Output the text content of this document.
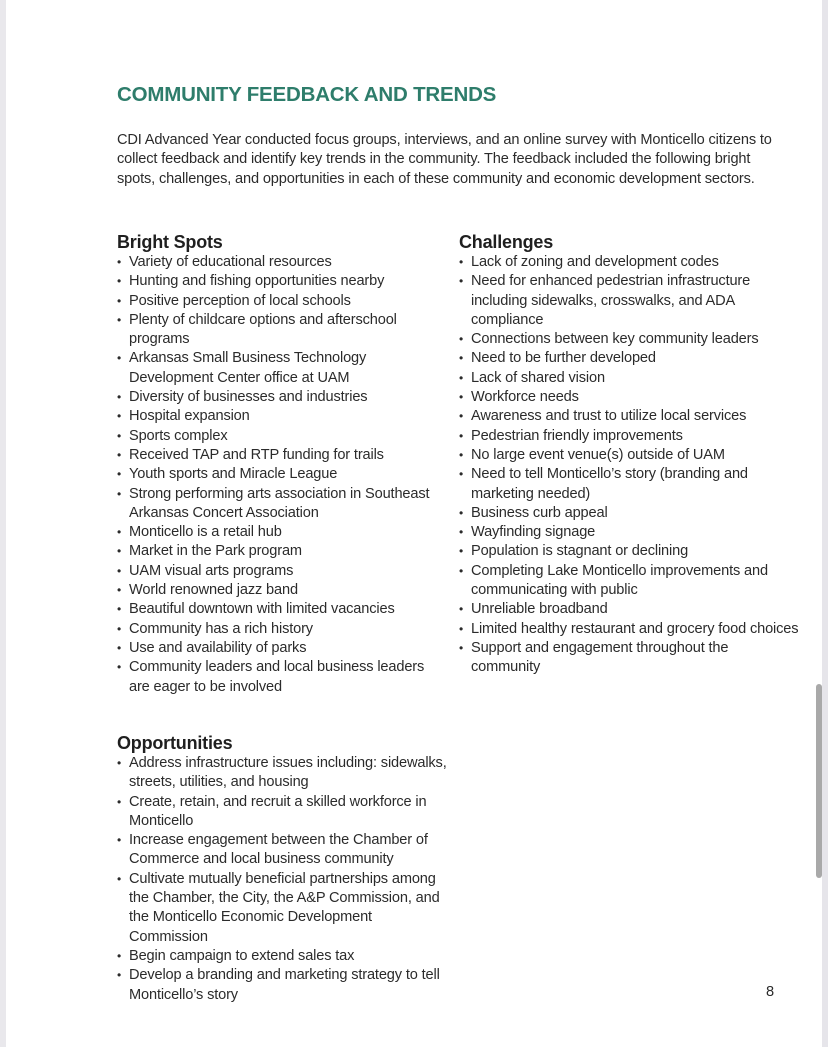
COMMUNITY FEEDBACK AND TRENDS

CDI Advanced Year conducted focus groups, interviews, and an online survey with Monticello citizens to collect feedback and identify key trends in the community. The feedback included the following bright spots, challenges, and opportunities in each of these community and economic development sectors.

Bright Spots
• Variety of educational resources
• Hunting and fishing opportunities nearby
• Positive perception of local schools
• Plenty of childcare options and afterschool programs
• Arkansas Small Business Technology Development Center office at UAM
• Diversity of businesses and industries
• Hospital expansion
• Sports complex
• Received TAP and RTP funding for trails
• Youth sports and Miracle League
• Strong performing arts association in Southeast Arkansas Concert Association
• Monticello is a retail hub
• Market in the Park program
• UAM visual arts programs
• World renowned jazz band
• Beautiful downtown with limited vacancies
• Community has a rich history
• Use and availability of parks
• Community leaders and local business leaders are eager to be involved
Challenges
• Lack of zoning and development codes
• Need for enhanced pedestrian infrastructure including sidewalks, crosswalks, and ADA compliance
• Connections between key community leaders
• Need to be further developed
• Lack of shared vision
• Workforce needs
• Awareness and trust to utilize local services
• Pedestrian friendly improvements
• No large event venue(s) outside of UAM
• Need to tell Monticello’s story (branding and marketing needed)
• Business curb appeal
• Wayfinding signage
• Population is stagnant or declining
• Completing Lake Monticello improvements and communicating with public
• Unreliable broadband
• Limited healthy restaurant and grocery food choices
• Support and engagement throughout the community
Opportunities
• Address infrastructure issues including: sidewalks, streets, utilities, and housing
• Create, retain, and recruit a skilled workforce in Monticello
• Increase engagement between the Chamber of Commerce and local business community
• Cultivate mutually beneficial partnerships among the Chamber, the City, the A&P Commission, and the Monticello Economic Development Commission
• Begin campaign to extend sales tax
• Develop a branding and marketing strategy to tell Monticello’s story	8
